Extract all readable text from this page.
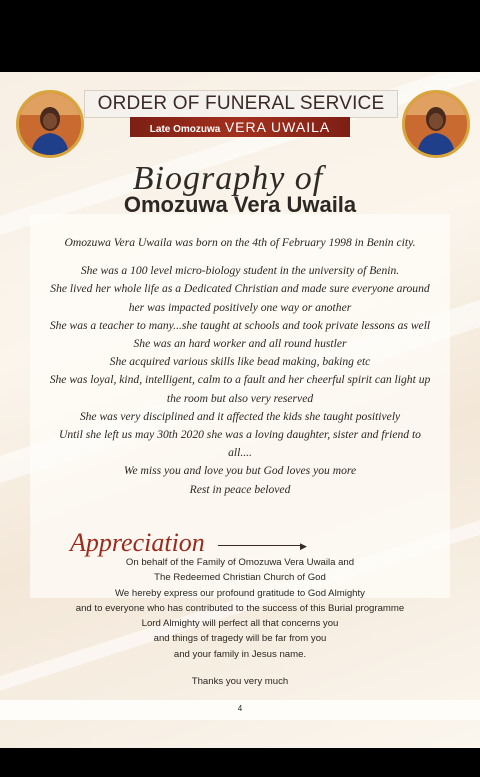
ORDER OF FUNERAL SERVICE
Late Omozuwa VERA UWAILA
Biography of
Omozuwa Vera Uwaila
Omozuwa Vera Uwaila was born on the 4th of February 1998 in Benin city.
She was a 100 level micro-biology student in the university of Benin.
She lived her whole life as a Dedicated Christian and made sure everyone around
her was impacted positively one way or another
She was a teacher to many...she taught at schools and took private lessons as well
She was an hard worker and all round hustler
She acquired various skills like bead making, baking etc
She was loyal, kind, intelligent, calm to a fault and her cheerful spirit can light up
the room but also very reserved
She was very disciplined and it affected the kids she taught positively
Until she left us may 30th 2020 she was a loving daughter, sister and friend to
all....
We miss you and love you but God loves you more
Rest in peace beloved
Appreciation	▶
On behalf of the Family of Omozuwa Vera Uwaila and
The Redeemed Christian Church of God
We hereby express our profound gratitude to God Almighty
and to everyone who has contributed to the success of this Burial programme
Lord Almighty will perfect all that concerns you
and things of tragedy will be far from you
and your family in Jesus name.
Thanks you very much
4
